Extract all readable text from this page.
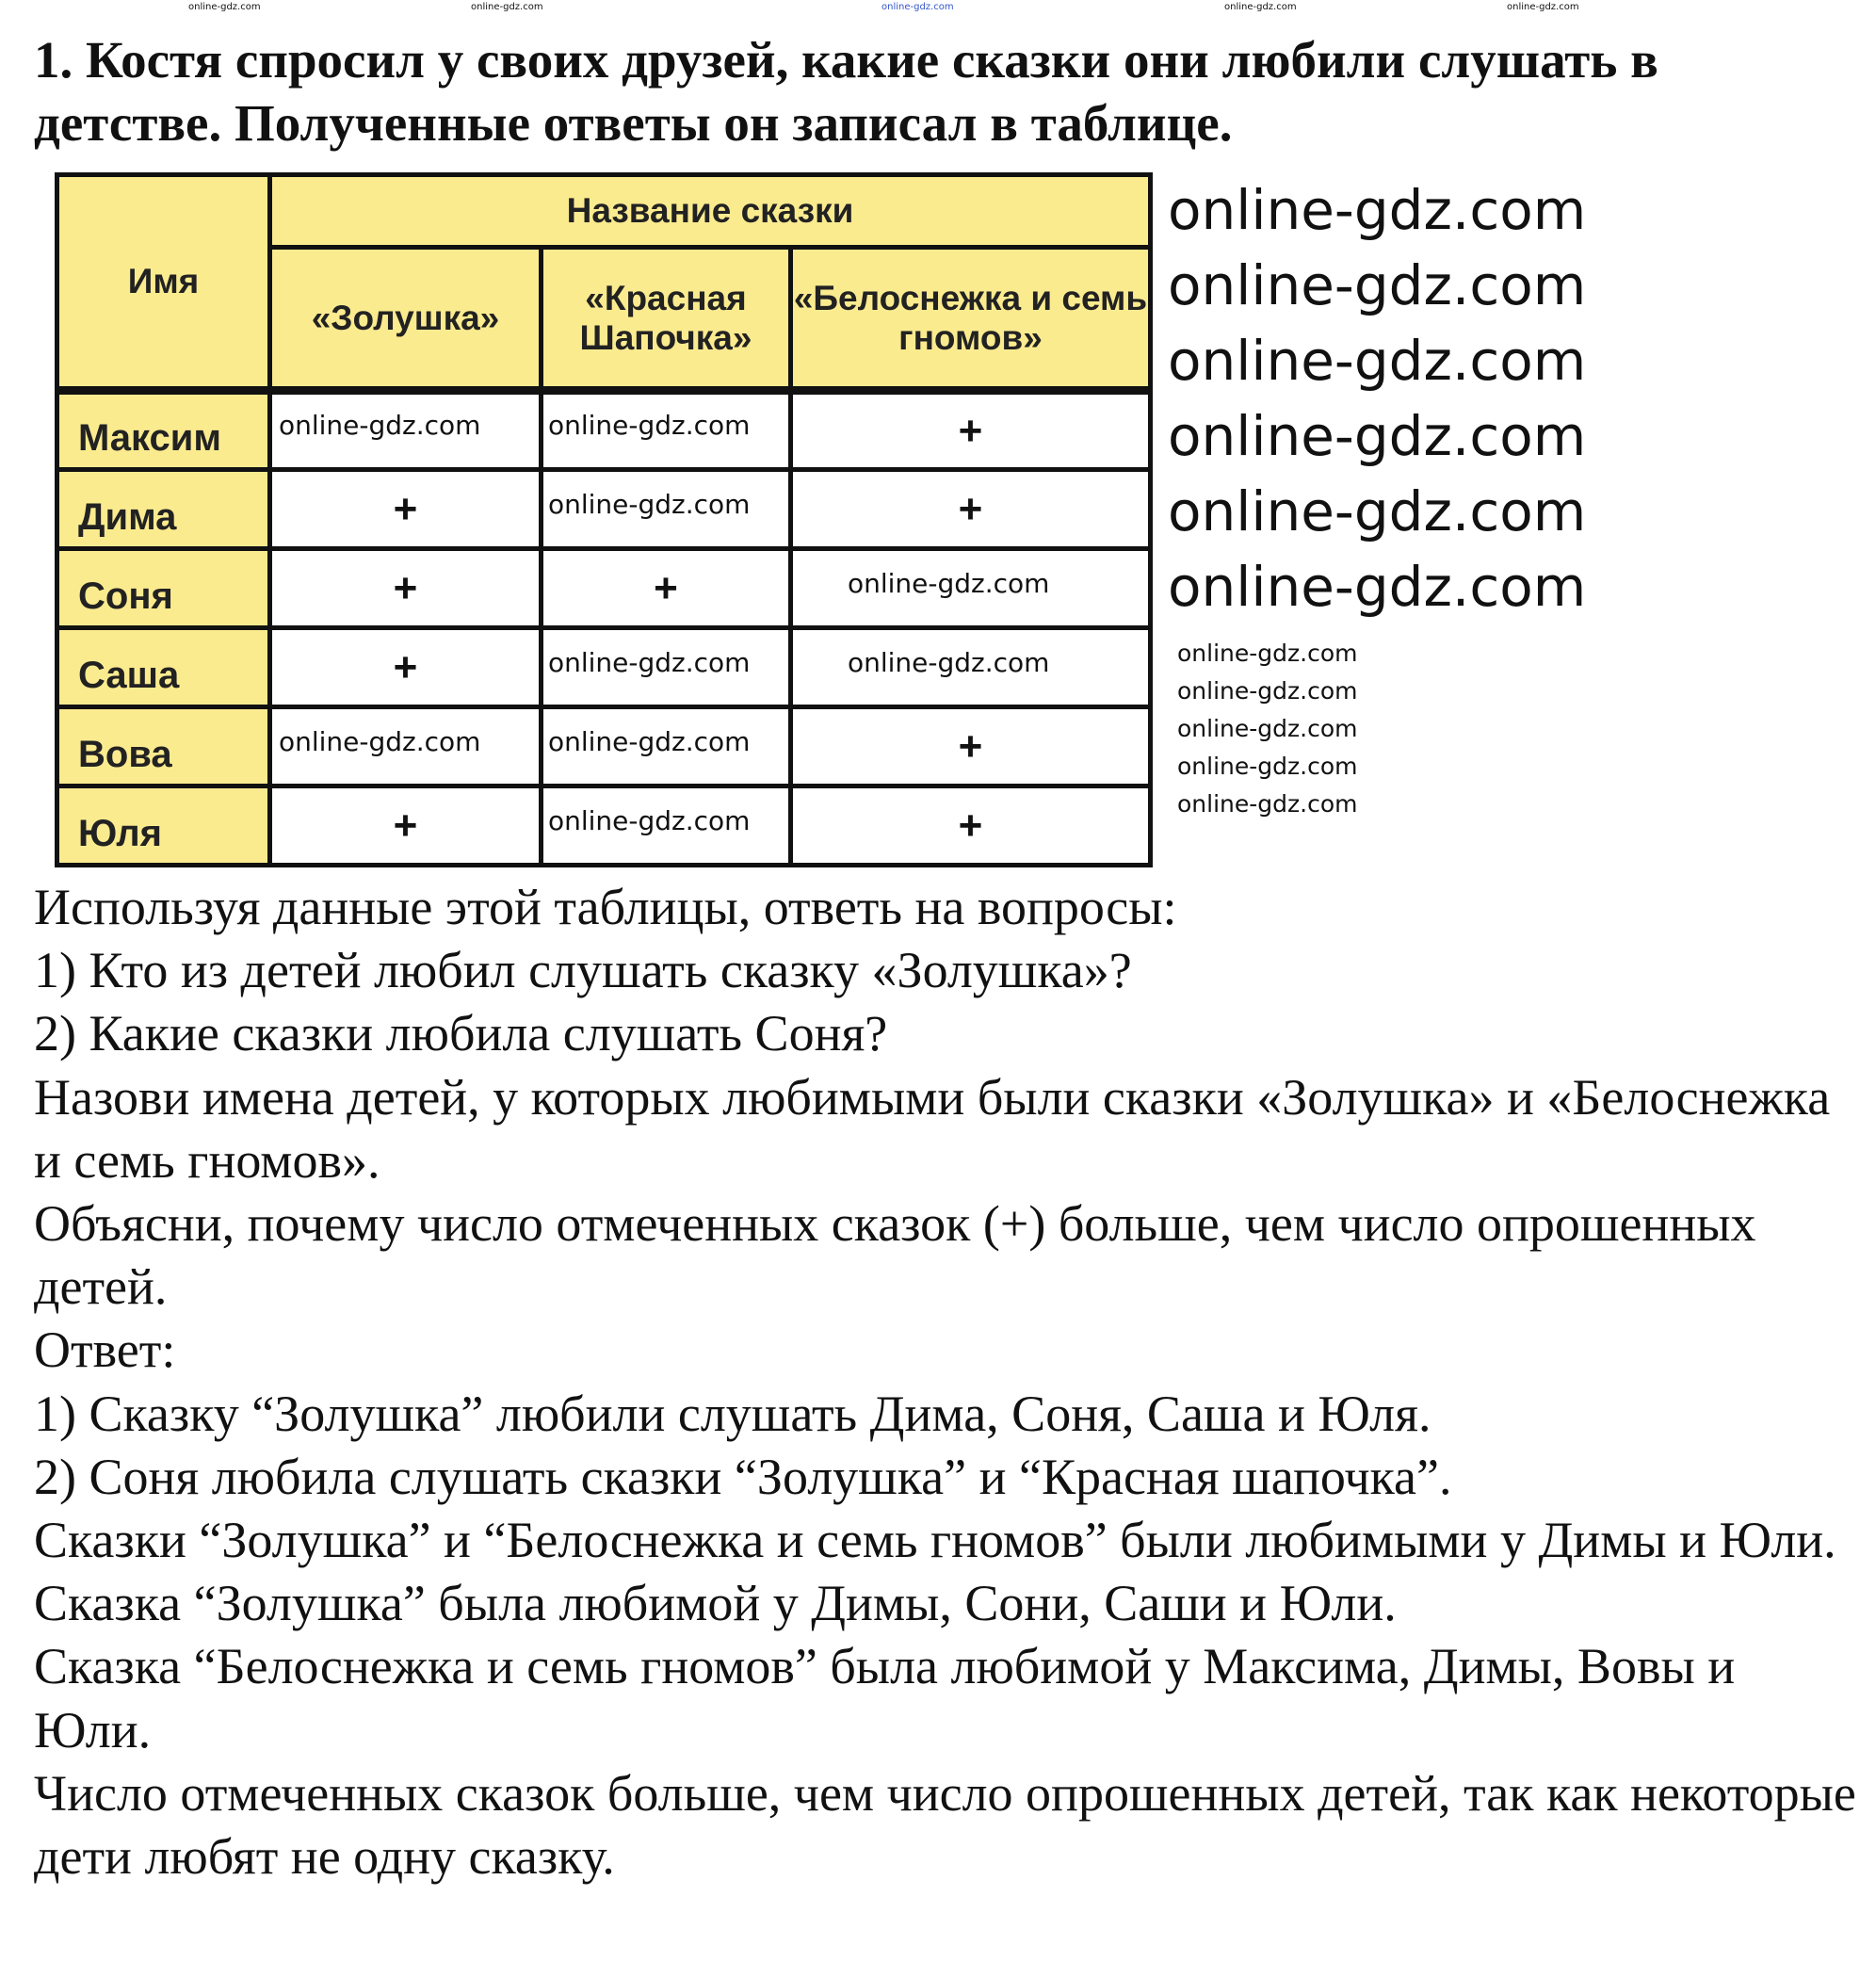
1. Костя спросил у своих друзей, какие сказки они любили слушать в детстве. Полученные ответы он записал в таблице.

Имя	Название сказки		
	«Золушка»	«Красная Шапочка»	«Белоснежка и семь гномов»
Максим			+
Дима	+		+
Соня	+	+	
Саша	+		
Вова			+
Юля	+		+

Используя данные этой таблицы, ответь на вопросы:

1) Кто из детей любил слушать сказку «Золушка»?

2) Какие сказки любила слушать Соня?

Назови имена детей, у которых любимыми были сказки «Золушка» и «Белоснежка и семь гномов».

Объясни, почему число отмеченных сказок (+) больше, чем число опрошенных детей.

Ответ:

1) Сказку “Золушка” любили слушать Дима, Соня, Саша и Юля.

2) Соня любила слушать сказки “Золушка” и “Красная шапочка”.

Сказки “Золушка” и “Белоснежка и семь гномов” были любимыми у Димы и Юли.

Сказка “Золушка” была любимой у Димы, Сони, Саши и Юли.

Сказка “Белоснежка и семь гномов” была любимой у Максима, Димы, Вовы и Юли.

Число отмеченных сказок больше, чем число опрошенных детей, так как некоторые дети любят не одну сказку.

online-gdz.com
online-gdz.com	online-gdz.com	online-gdz.com	online-gdz.com
online-gdz.com	online-gdz.com
online-gdz.com
online-gdz.com
online-gdz.com	online-gdz.com
online-gdz.com	online-gdz.com
online-gdz.com
online-gdz.com
online-gdz.com
online-gdz.com
online-gdz.com
online-gdz.com
online-gdz.com
online-gdz.com
online-gdz.com
online-gdz.com
online-gdz.com
online-gdz.com
